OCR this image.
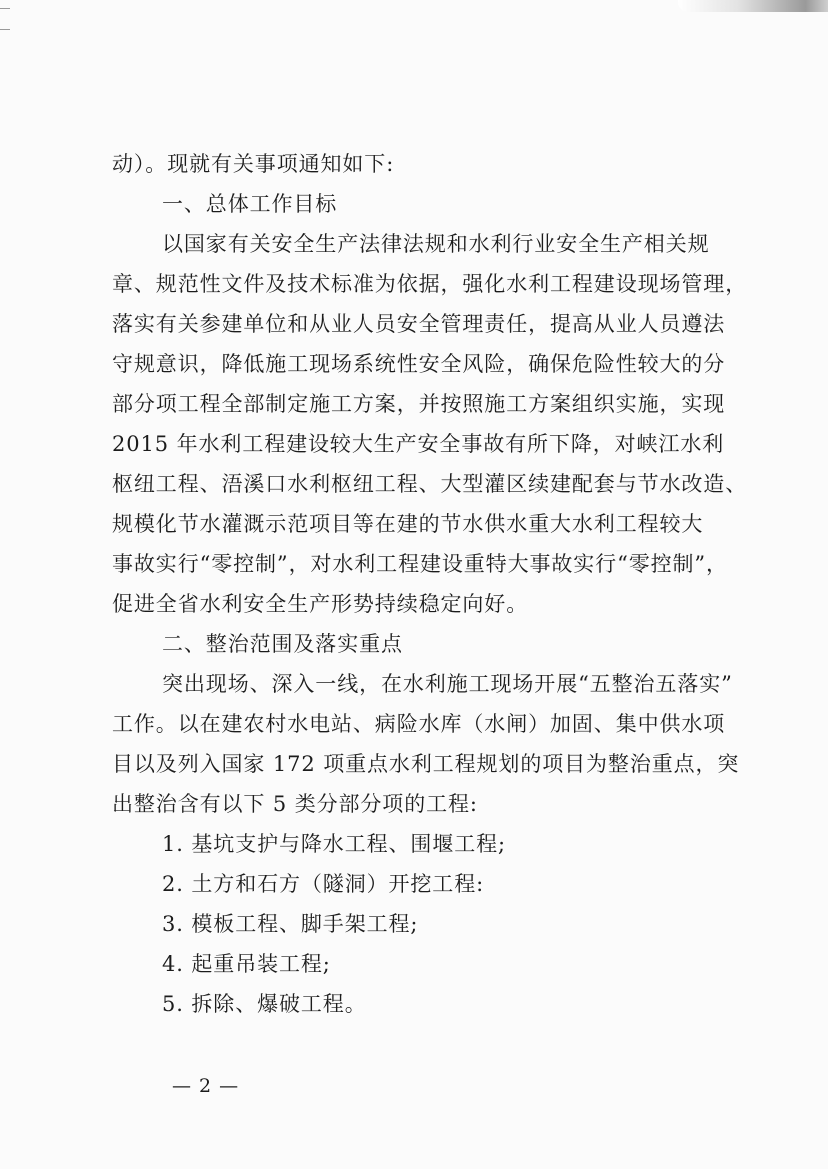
动）。现就有关事项通知如下:
一、总体工作目标
以国家有关安全生产法律法规和水利行业安全生产相关规
章、规范性文件及技术标准为依据，强化水利工程建设现场管理，
落实有关参建单位和从业人员安全管理责任，提高从业人员遵法
守规意识，降低施工现场系统性安全风险，确保危险性较大的分
部分项工程全部制定施工方案，并按照施工方案组织实施，实现
2015 年水利工程建设较大生产安全事故有所下降，对峡江水利
枢纽工程、浯溪口水利枢纽工程、大型灌区续建配套与节水改造、
规模化节水灌溉示范项目等在建的节水供水重大水利工程较大
事故实行“零控制”，对水利工程建设重特大事故实行“零控制”，
促进全省水利安全生产形势持续稳定向好。
二、整治范围及落实重点
突出现场、深入一线，在水利施工现场开展“五整治五落实”
工作。以在建农村水电站、病险水库（水闸）加固、集中供水项
目以及列入国家 172 项重点水利工程规划的项目为整治重点，突
出整治含有以下 5 类分部分项的工程:
1. 基坑支护与降水工程、围堰工程;
2. 土方和石方（隧洞）开挖工程:
3. 模板工程、脚手架工程;
4. 起重吊装工程;
5. 拆除、爆破工程。
— 2 —
